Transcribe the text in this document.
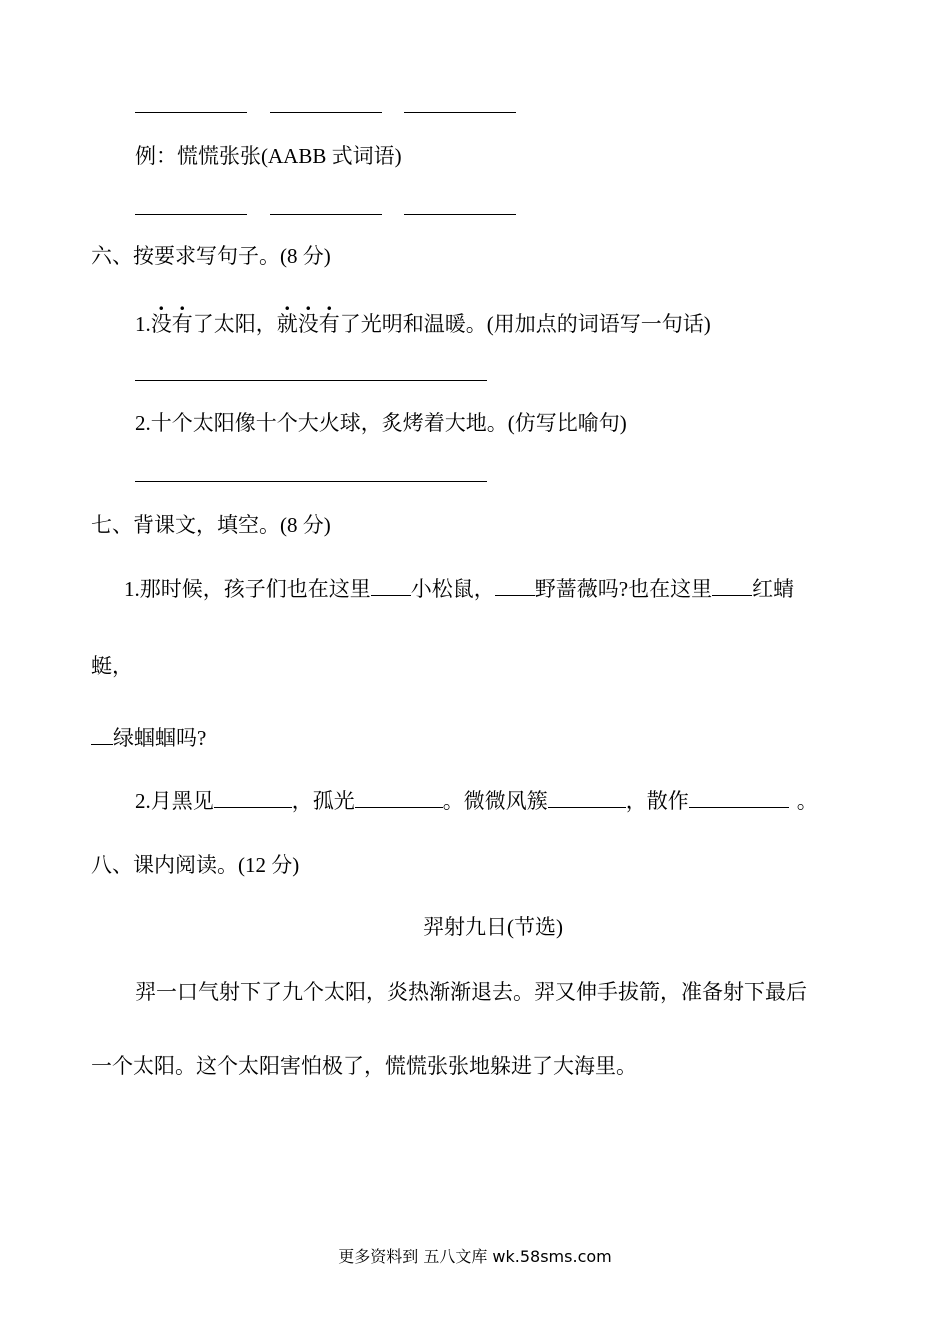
例：慌慌张张(AABB 式词语)
六、按要求写句子。(8 分)
1.没有了太阳，就没有了光明和温暖。(用加点的词语写一句话)
2.十个太阳像十个大火球，炙烤着大地。(仿写比喻句)
七、背课文，填空。(8 分)
1.那时候，孩子们也在这里 小松鼠， 野蔷薇吗?也在这里 红蜻
蜓，
绿蝈蝈吗?
2.月黑见	，孤光	。微微风簇	，散作	。
八、课内阅读。(12 分)
羿射九日(节选)
羿一口气射下了九个太阳，炎热渐渐退去。羿又伸手拔箭，准备射下最后
一个太阳。这个太阳害怕极了，慌慌张张地躲进了大海里。
更多资料到 五八文库 wk.58sms.com
